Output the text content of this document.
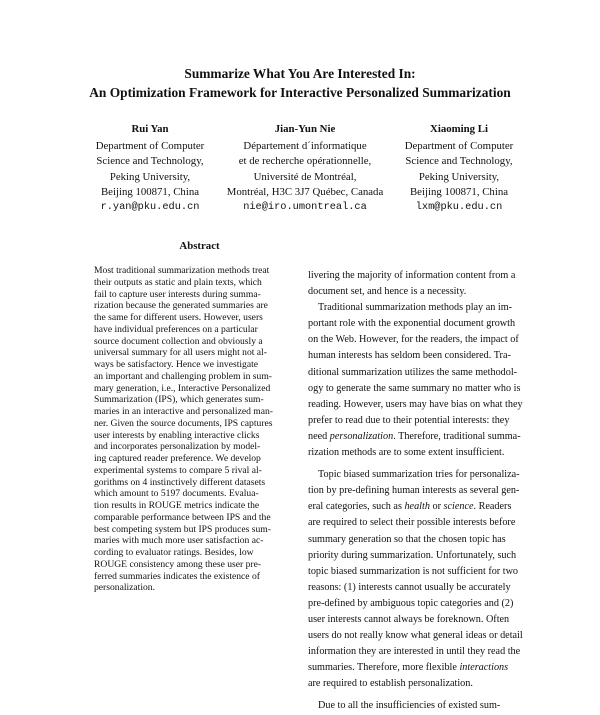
Summarize What You Are Interested In:
An Optimization Framework for Interactive Personalized Summarization
Rui Yan
Department of Computer
Science and Technology,
Peking University,
Beijing 100871, China
r.yan@pku.edu.cn
Jian-Yun Nie
Département d´informatique
et de recherche opérationnelle,
Université de Montréal,
Montréal, H3C 3J7 Québec, Canada
nie@iro.umontreal.ca
Xiaoming Li
Department of Computer
Science and Technology,
Peking University,
Beijing 100871, China
lxm@pku.edu.cn
Abstract
Most traditional summarization methods treat
their outputs as static and plain texts, which
fail to capture user interests during summa-
rization because the generated summaries are
the same for different users. However, users
have individual preferences on a particular
source document collection and obviously a
universal summary for all users might not al-
ways be satisfactory. Hence we investigate
an important and challenging problem in sum-
mary generation, i.e., Interactive Personalized
Summarization (IPS), which generates sum-
maries in an interactive and personalized man-
ner. Given the source documents, IPS captures
user interests by enabling interactive clicks
and incorporates personalization by model-
ing captured reader preference. We develop
experimental systems to compare 5 rival al-
gorithms on 4 instinctively different datasets
which amount to 5197 documents. Evalua-
tion results in ROUGE metrics indicate the
comparable performance between IPS and the
best competing system but IPS produces sum-
maries with much more user satisfaction ac-
cording to evaluator ratings. Besides, low
ROUGE consistency among these user pre-
ferred summaries indicates the existence of
personalization.
livering the majority of information content from a
document set, and hence is a necessity.
Traditional summarization methods play an im-
portant role with the exponential document growth
on the Web. However, for the readers, the impact of
human interests has seldom been considered. Tra-
ditional summarization utilizes the same methodol-
ogy to generate the same summary no matter who is
reading. However, users may have bias on what they
prefer to read due to their potential interests: they
need personalization. Therefore, traditional summa-
rization methods are to some extent insufficient.
Topic biased summarization tries for personaliza-
tion by pre-defining human interests as several gen-
eral categories, such as health or science. Readers
are required to select their possible interests before
summary generation so that the chosen topic has
priority during summarization. Unfortunately, such
topic biased summarization is not sufficient for two
reasons: (1) interests cannot usually be accurately
pre-defined by ambiguous topic categories and (2)
user interests cannot always be foreknown. Often
users do not really know what general ideas or detail
information they are interested in until they read the
summaries. Therefore, more flexible interactions
are required to establish personalization.
Due to all the insufficiencies of existed sum-
